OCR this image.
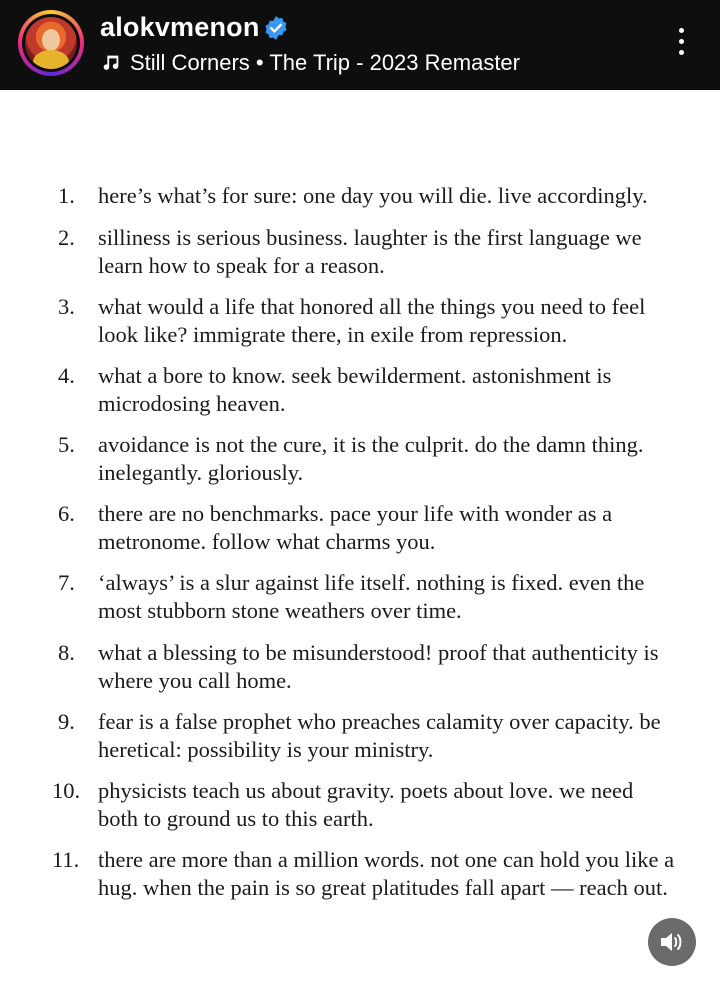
alokvmenon
Still Corners • The Trip - 2023 Remaster
1.	here’s what’s for sure: one day you will die. live accordingly.
2.	silliness is serious business. laughter is the first language we learn how to speak for a reason.
3.	what would a life that honored all the things you need to feel look like? immigrate there, in exile from repression.
4.	what a bore to know. seek bewilderment. astonishment is microdosing heaven.
5.	avoidance is not the cure, it is the culprit. do the damn thing. inelegantly. gloriously.
6.	there are no benchmarks. pace your life with wonder as a metronome. follow what charms you.
7.	‘always’ is a slur against life itself. nothing is fixed. even the most stubborn stone weathers over time.
8.	what a blessing to be misunderstood! proof that authenticity is where you call home.
9.	fear is a false prophet who preaches calamity over capacity. be heretical: possibility is your ministry.
10. physicists teach us about gravity. poets about love. we need both to ground us to this earth.
11. there are more than a million words. not one can hold you like a hug. when the pain is so great platitudes fall apart — reach out.
